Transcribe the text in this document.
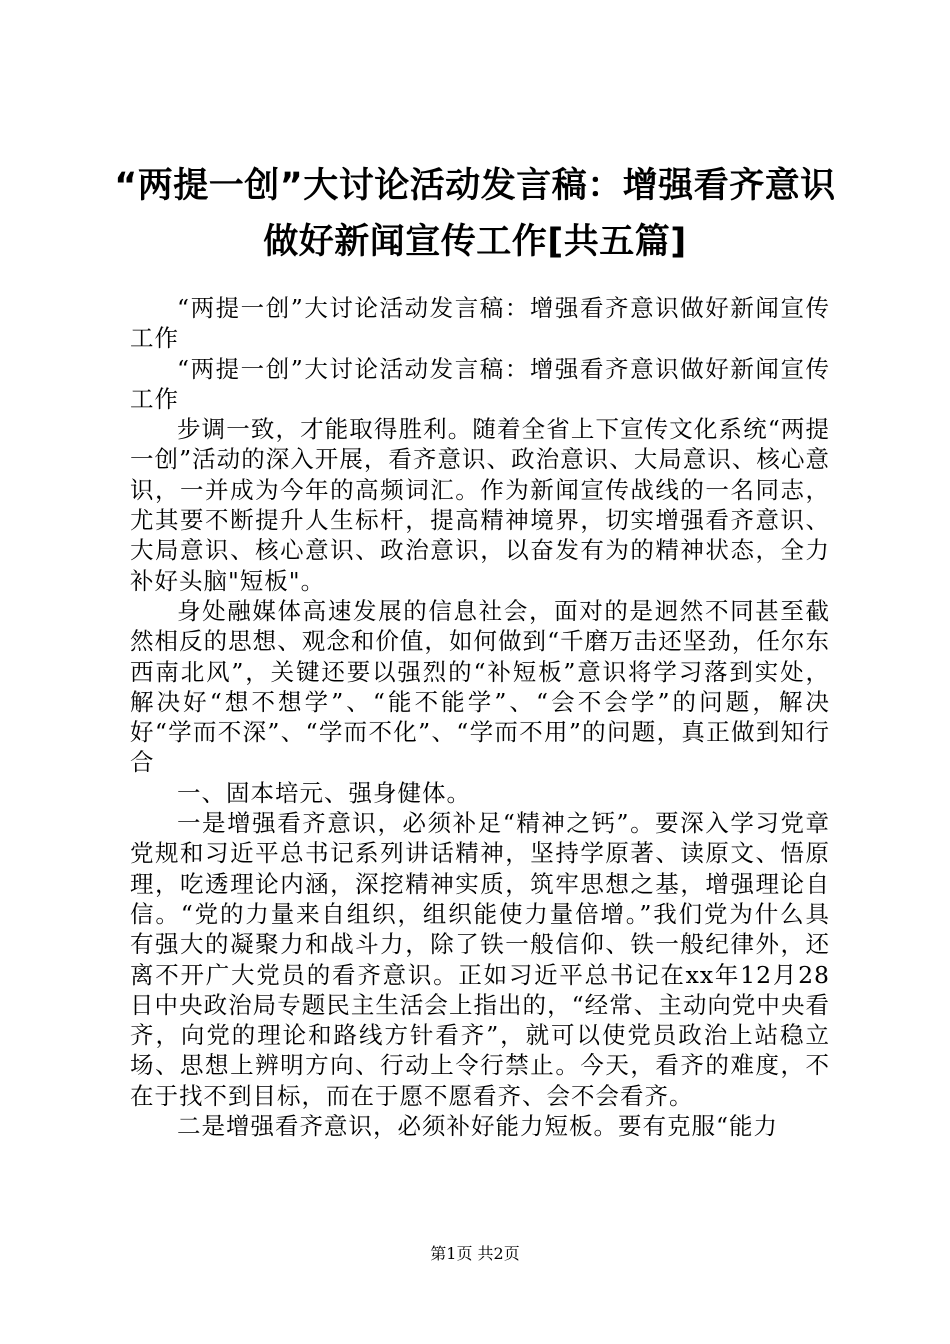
“两提一创”大讨论活动发言稿：增强看齐意识做好新闻宣传工作[共五篇]

“两提一创”大讨论活动发言稿：增强看齐意识做好新闻宣传工作

“两提一创”大讨论活动发言稿：增强看齐意识做好新闻宣传工作

步调一致，才能取得胜利。随着全省上下宣传文化系统“两提一创”活动的深入开展，看齐意识、政治意识、大局意识、核心意识，一并成为今年的高频词汇。作为新闻宣传战线的一名同志，尤其要不断提升人生标杆，提高精神境界，切实增强看齐意识、大局意识、核心意识、政治意识，以奋发有为的精神状态，全力补好头脑"短板"。

身处融媒体高速发展的信息社会，面对的是迥然不同甚至截然相反的思想、观念和价值，如何做到“千磨万击还坚劲，任尔东西南北风”，关键还要以强烈的“补短板”意识将学习落到实处，解决好“想不想学”、“能不能学”、“会不会学”的问题，解决好“学而不深”、“学而不化”、“学而不用”的问题，真正做到知行合

一、固本培元、强身健体。

一是增强看齐意识，必须补足“精神之钙”。要深入学习党章党规和习近平总书记系列讲话精神，坚持学原著、读原文、悟原理，吃透理论内涵，深挖精神实质，筑牢思想之基，增强理论自信。“党的力量来自组织，组织能使力量倍增。”我们党为什么具有强大的凝聚力和战斗力，除了铁一般信仰、铁一般纪律外，还离不开广大党员的看齐意识。正如习近平总书记在xx年12月28日中央政治局专题民主生活会上指出的，“经常、主动向党中央看齐，向党的理论和路线方针看齐”，就可以使党员政治上站稳立场、思想上辨明方向、行动上令行禁止。今天，看齐的难度，不在于找不到目标，而在于愿不愿看齐、会不会看齐。

二是增强看齐意识，必须补好能力短板。要有克服“能力

第1页 共2页
